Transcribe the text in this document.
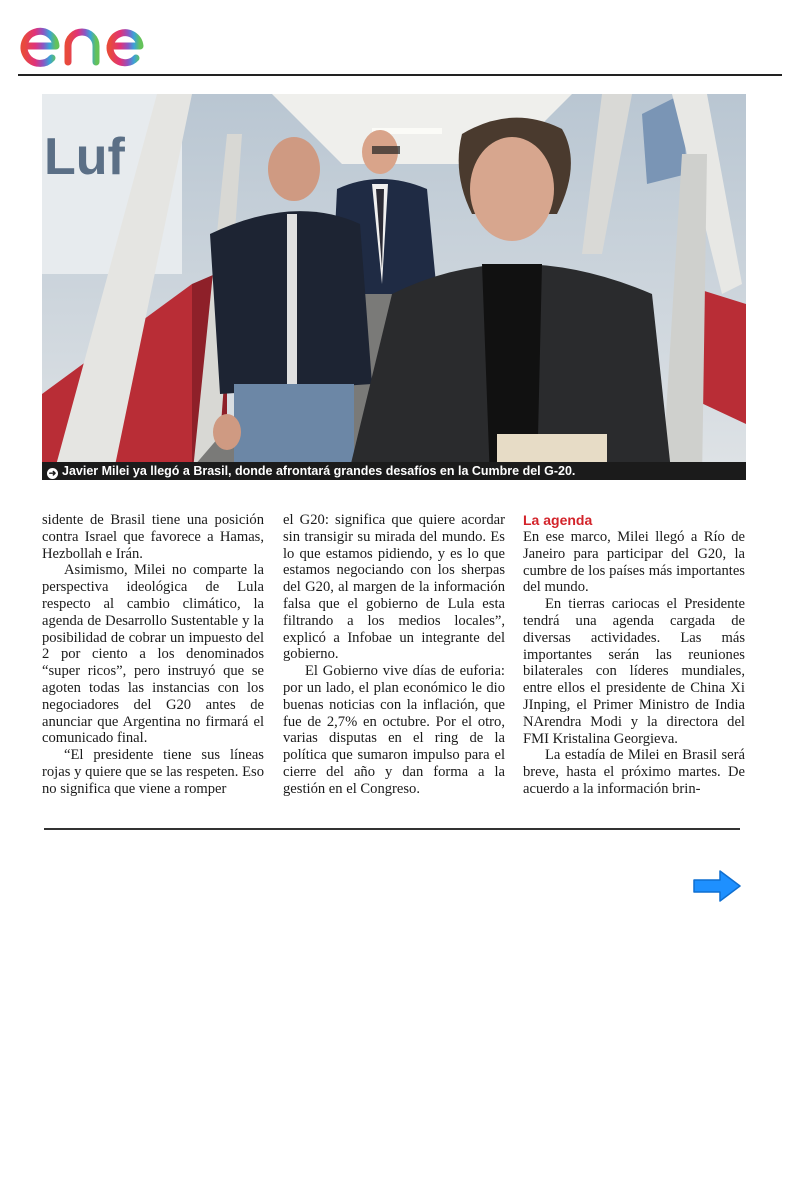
Luf
➜ Javier Milei ya llegó a Brasil, donde afrontará grandes desafíos en la Cumbre del G-20.

sidente de Brasil tiene una posición contra Israel que favorece a Hamas, Hezbollah e Irán.

Asimismo, Milei no comparte la perspectiva ideológica de Lula respecto al cambio climático, la agenda de Desarrollo Sustentable y la posibilidad de cobrar un impuesto del 2 por ciento a los denominados “super ricos”, pero instruyó que se agoten todas las instancias con los negociadores del G20 antes de anunciar que Argentina no firmará el comunicado final.

“El presidente tiene sus líneas rojas y quiere que se las respeten. Eso no significa que viene a romper

el G20: significa que quiere acordar sin transigir su mirada del mundo. Es lo que estamos pidiendo, y es lo que estamos negociando con los sherpas del G20, al margen de la información falsa que el gobierno de Lula esta filtrando a los medios locales”, explicó a Infobae un integrante del gobierno.

El Gobierno vive días de euforia: por un lado, el plan económico le dio buenas noticias con la inflación, que fue de 2,7% en octubre. Por el otro, varias disputas en el ring de la política que sumaron impulso para el cierre del año y dan forma a la gestión en el Congreso.

La agenda

En ese marco, Milei llegó a Río de Janeiro para participar del G20, la cumbre de los países más importantes del mundo.

En tierras cariocas el Presidente tendrá una agenda cargada de diversas actividades. Las más importantes serán las reuniones bilaterales con líderes mundiales, entre ellos el presidente de China Xi JInping, el Primer Ministro de India NArendra Modi y la directora del FMI Kristalina Georgieva.

La estadía de Milei en Brasil será breve, hasta el próximo martes. De acuerdo a la información brin-
